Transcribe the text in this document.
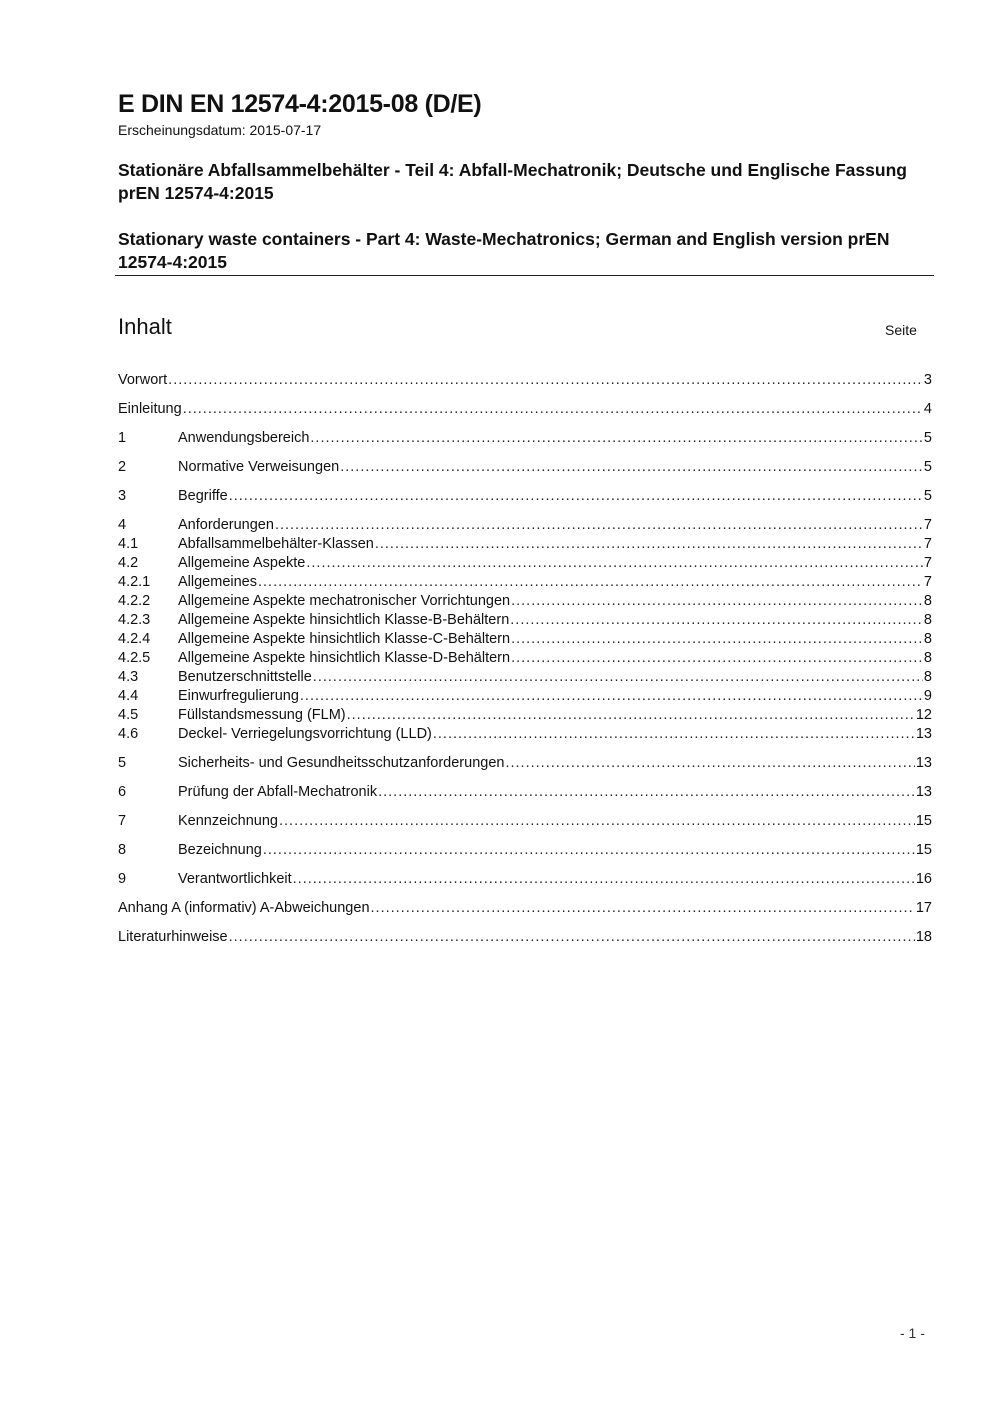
E DIN EN 12574-4:2015-08 (D/E)
Erscheinungsdatum: 2015-07-17
Stationäre Abfallsammelbehälter - Teil 4: Abfall-Mechatronik; Deutsche und Englische Fassung prEN 12574-4:2015
Stationary waste containers - Part 4: Waste-Mechatronics; German and English version prEN 12574-4:2015
Inhalt	Seite
Vorwort .....	3
Einleitung .....	4
1	Anwendungsbereich .....	5
2	Normative Verweisungen .....	5
3	Begriffe .....	5
4	Anforderungen .....	7
4.1	Abfallsammelbehälter-Klassen .....	7
4.2	Allgemeine Aspekte .....	7
4.2.1	Allgemeines .....	7
4.2.2	Allgemeine Aspekte mechatronischer Vorrichtungen .....	8
4.2.3	Allgemeine Aspekte hinsichtlich Klasse-B-Behältern .....	8
4.2.4	Allgemeine Aspekte hinsichtlich Klasse-C-Behältern .....	8
4.2.5	Allgemeine Aspekte hinsichtlich Klasse-D-Behältern .....	8
4.3	Benutzerschnittstelle .....	8
4.4	Einwurfregulierung .....	9
4.5	Füllstandsmessung (FLM) .....	12
4.6	Deckel- Verriegelungsvorrichtung (LLD) .....	13
5	Sicherheits- und Gesundheitsschutzanforderungen .....	13
6	Prüfung der Abfall-Mechatronik .....	13
7	Kennzeichnung .....	15
8	Bezeichnung .....	15
9	Verantwortlichkeit .....	16
Anhang A (informativ) A-Abweichungen .....	17
Literaturhinweise .....	18
- 1 -
